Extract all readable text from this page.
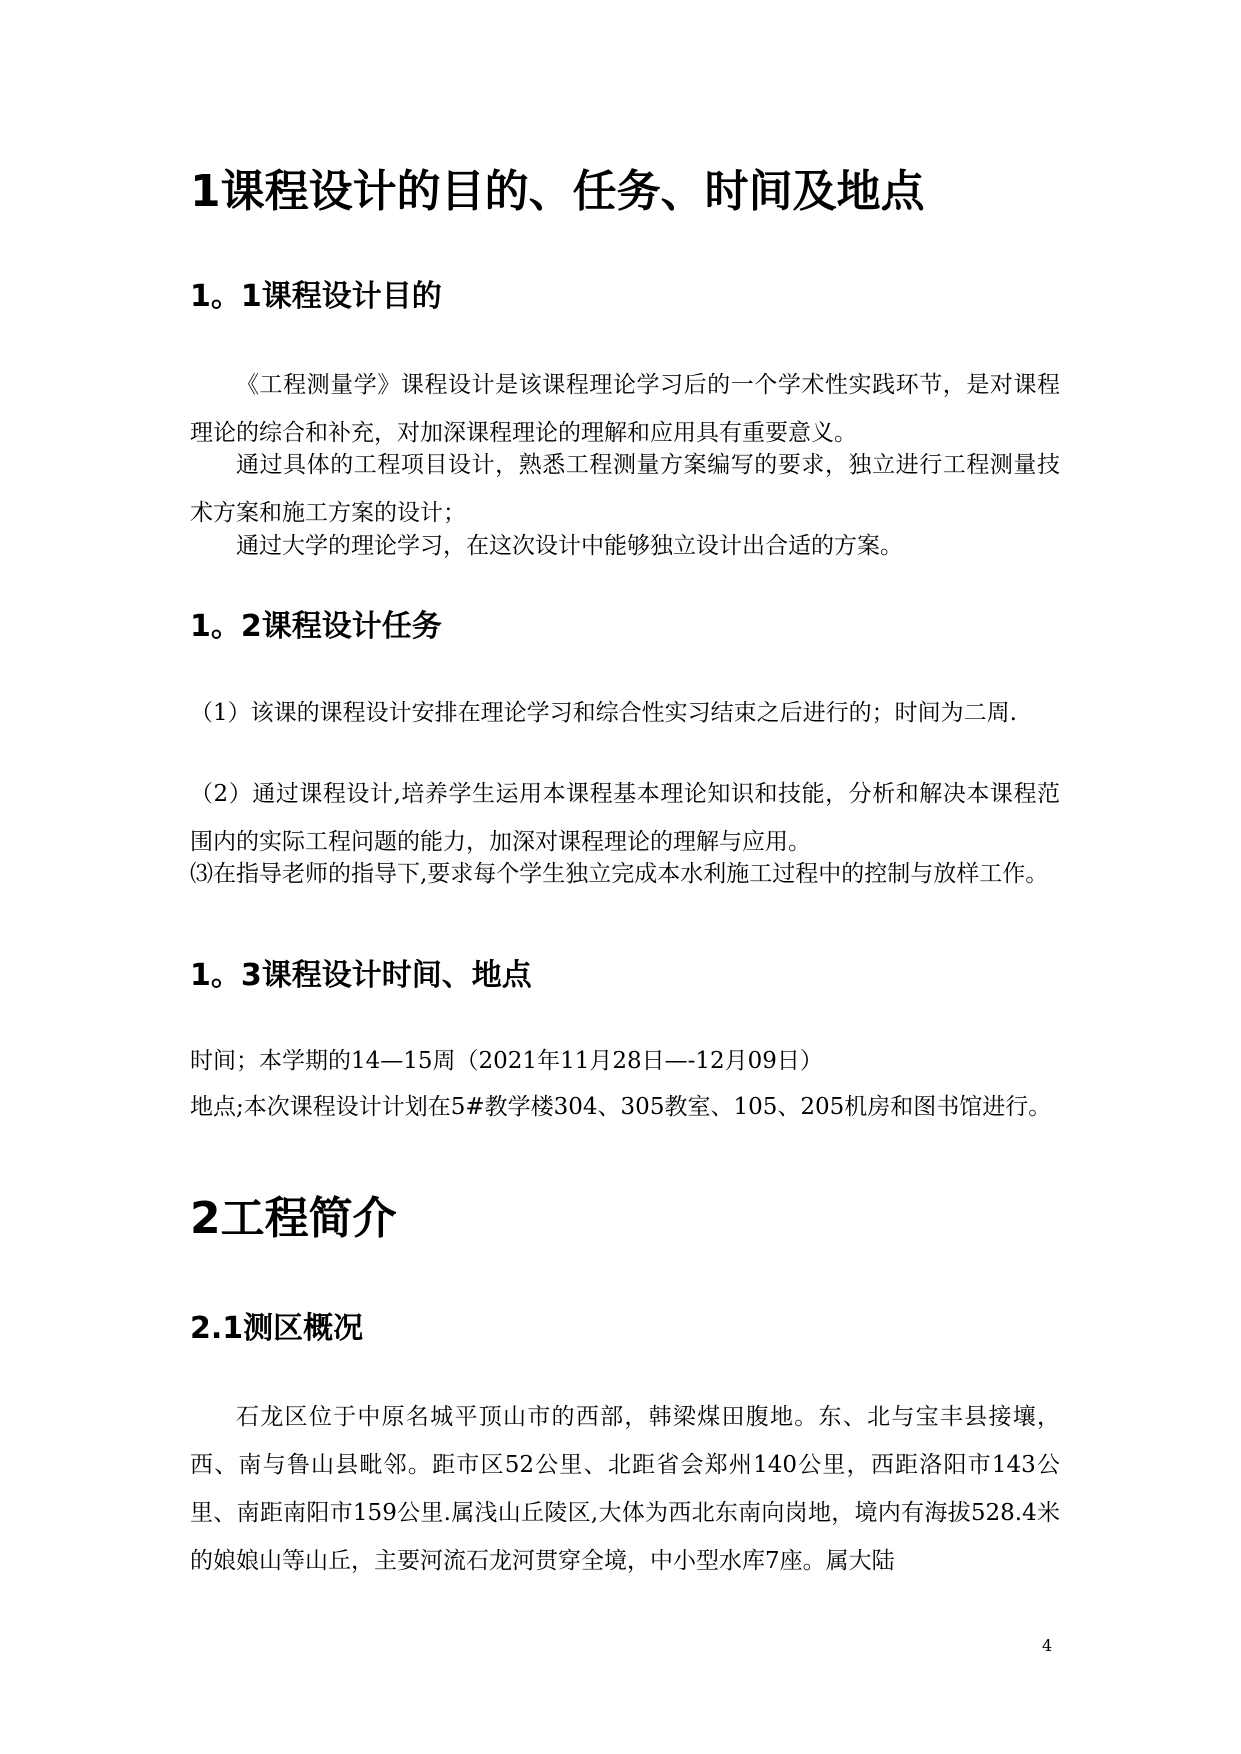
1课程设计的目的、任务、时间及地点
1。1课程设计目的
《工程测量学》课程设计是该课程理论学习后的一个学术性实践环节，是对课程理论的综合和补充，对加深课程理论的理解和应用具有重要意义。
通过具体的工程项目设计，熟悉工程测量方案编写的要求，独立进行工程测量技术方案和施工方案的设计；
通过大学的理论学习，在这次设计中能够独立设计出合适的方案。
1。2课程设计任务
（1）该课的课程设计安排在理论学习和综合性实习结束之后进行的；时间为二周.
（2）通过课程设计,培养学生运用本课程基本理论知识和技能，分析和解决本课程范围内的实际工程问题的能力，加深对课程理论的理解与应用。
⑶在指导老师的指导下,要求每个学生独立完成本水利施工过程中的控制与放样工作。
1。3课程设计时间、地点
时间；本学期的14—15周（2021年11月28日—-12月09日）
地点;本次课程设计计划在5#教学楼304、305教室、105、205机房和图书馆进行。
2工程简介
2.1测区概况
石龙区位于中原名城平顶山市的西部，韩梁煤田腹地。东、北与宝丰县接壤，西、南与鲁山县毗邻。距市区52公里、北距省会郑州140公里，西距洛阳市143公里、南距南阳市159公里.属浅山丘陵区,大体为西北东南向岗地，境内有海拔528.4米的娘娘山等山丘，主要河流石龙河贯穿全境，中小型水库7座。属大陆
4
